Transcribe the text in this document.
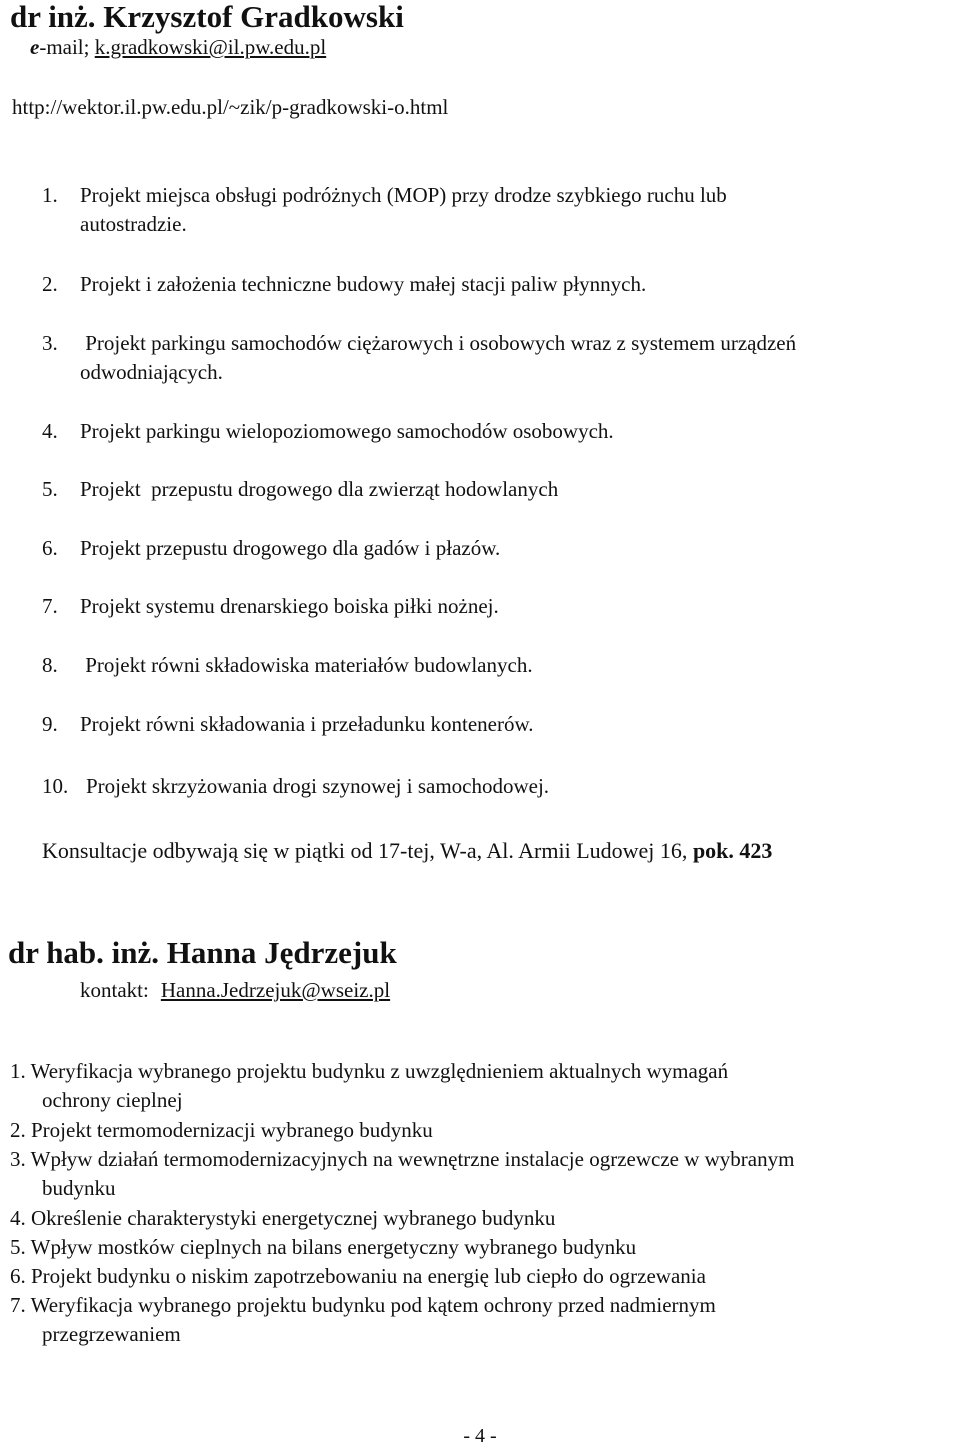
dr inż. Krzysztof Gradkowski
e-mail; k.gradkowski@il.pw.edu.pl
http://wektor.il.pw.edu.pl/~zik/p-gradkowski-o.html
1. Projekt miejsca obsługi podróżnych (MOP) przy drodze szybkiego ruchu lub
autostradzie.
2. Projekt i założenia techniczne budowy małej stacji paliw płynnych.
3. Projekt parkingu samochodów ciężarowych i osobowych wraz z systemem urządzeń
odwodniających.
4. Projekt parkingu wielopoziomowego samochodów osobowych.
5. Projekt  przepustu drogowego dla zwierząt hodowlanych
6. Projekt przepustu drogowego dla gadów i płazów.
7. Projekt systemu drenarskiego boiska piłki nożnej.
8. Projekt równi składowiska materiałów budowlanych.
9. Projekt równi składowania i przeładunku kontenerów.
10. Projekt skrzyżowania drogi szynowej i samochodowej.
Konsultacje odbywają się w piątki od 17-tej, W-a, Al. Armii Ludowej 16, pok. 423
dr hab. inż. Hanna Jędrzejuk
kontakt: Hanna.Jedrzejuk@wseiz.pl
1. Weryfikacja wybranego projektu budynku z uwzględnieniem aktualnych wymagań
ochrony cieplnej
2. Projekt termomodernizacji wybranego budynku
3. Wpływ działań termomodernizacyjnych na wewnętrzne instalacje ogrzewcze w wybranym
budynku
4. Określenie charakterystyki energetycznej wybranego budynku
5. Wpływ mostków cieplnych na bilans energetyczny wybranego budynku
6. Projekt budynku o niskim zapotrzebowaniu na energię lub ciepło do ogrzewania
7. Weryfikacja wybranego projektu budynku pod kątem ochrony przed nadmiernym
przegrzewaniem
- 4 -
